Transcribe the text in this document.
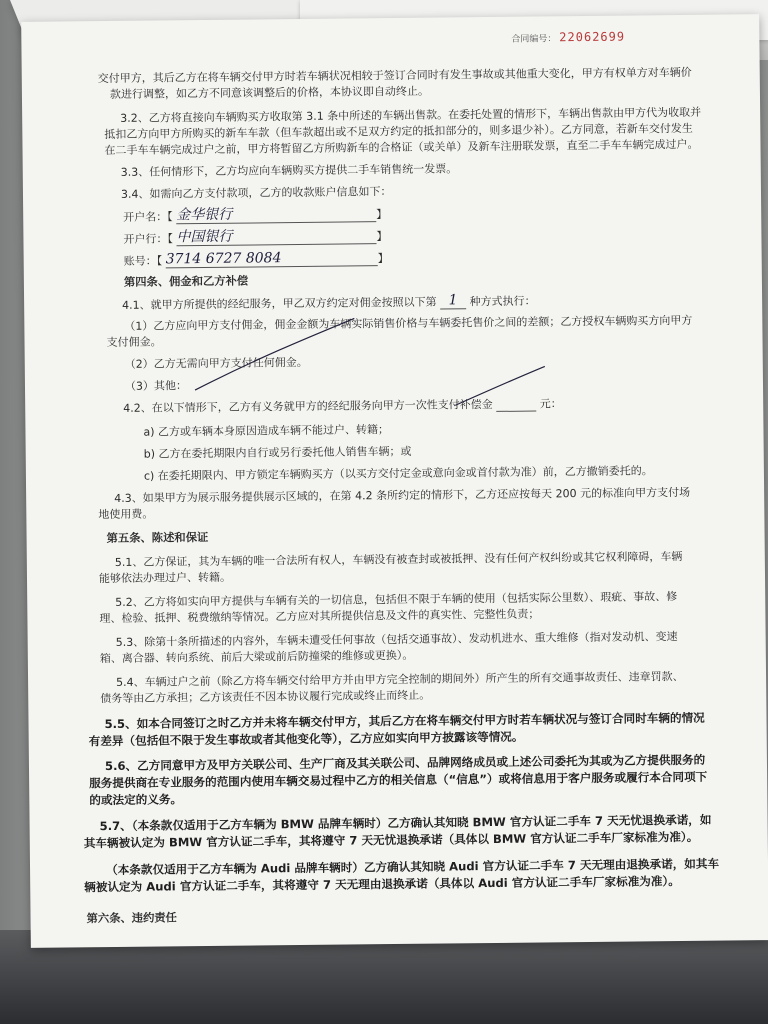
合同编号： 22062699
交付甲方，其后乙方在将车辆交付甲方时若车辆状况相较于签订合同时有发生事故或其他重大变化，甲方有权单方对车辆价
款进行调整，如乙方不同意该调整后的价格，本协议即自动终止。
3.2、乙方将直接向车辆购买方收取第 3.1 条中所述的车辆出售款。在委托处置的情形下，车辆出售款由甲方代为收取并
抵扣乙方向甲方所购买的新车车款（但车款超出或不足双方约定的抵扣部分的，则多退少补）。乙方同意，若新车交付发生
在二手车车辆完成过户之前，甲方将暂留乙方所购新车的合格证（或关单）及新车注册联发票，直至二手车车辆完成过户。
3.3、任何情形下，乙方均应向车辆购买方提供二手车销售统一发票。
3.4、如需向乙方支付款项，乙方的收款账户信息如下：
开户名：【 金华银行	】
开户行：【 中国银行	】
账号：【 3714 6727 8084	】
第四条、佣金和乙方补偿
4.1、就甲方所提供的经纪服务，甲乙双方约定对佣金按照以下第 1 种方式执行：
（1）乙方应向甲方支付佣金，佣金金额为车辆实际销售价格与车辆委托售价之间的差额；乙方授权车辆购买方向甲方
支付佣金。
（2）乙方无需向甲方支付任何佣金。
（3）其他：
4.2、在以下情形下，乙方有义务就甲方的经纪服务向甲方一次性支付补偿金	元：
a) 乙方或车辆本身原因造成车辆不能过户、转籍；
b) 乙方在委托期限内自行或另行委托他人销售车辆；或
c) 在委托期限内、甲方锁定车辆购买方（以买方交付定金或意向金或首付款为准）前，乙方撤销委托的。
4.3、如果甲方为展示服务提供展示区域的，在第 4.2 条所约定的情形下，乙方还应按每天 200 元的标准向甲方支付场
地使用费。
第五条、陈述和保证
5.1、乙方保证，其为车辆的唯一合法所有权人，车辆没有被查封或被抵押、没有任何产权纠纷或其它权利障碍，车辆
能够依法办理过户、转籍。
5.2、乙方将如实向甲方提供与车辆有关的一切信息，包括但不限于车辆的使用（包括实际公里数）、瑕疵、事故、修
理、检验、抵押、税费缴纳等情况。乙方应对其所提供信息及文件的真实性、完整性负责；
5.3、除第十条所描述的内容外，车辆未遭受任何事故（包括交通事故）、发动机进水、重大维修（指对发动机、变速
箱、离合器、转向系统、前后大梁或前后防撞梁的维修或更换）。
5.4、车辆过户之前（除乙方将车辆交付给甲方并由甲方完全控制的期间外）所产生的所有交通事故责任、违章罚款、
债务等由乙方承担；乙方该责任不因本协议履行完成或终止而终止。
5.5、如本合同签订之时乙方并未将车辆交付甲方，其后乙方在将车辆交付甲方时若车辆状况与签订合同时车辆的情况
有差异（包括但不限于发生事故或者其他变化等），乙方应如实向甲方披露该等情况。
5.6、乙方同意甲方及甲方关联公司、生产厂商及其关联公司、品牌网络成员或上述公司委托为其或为乙方提供服务的
服务提供商在专业服务的范围内使用车辆交易过程中乙方的相关信息（“信息”）或将信息用于客户服务或履行本合同项下
的或法定的义务。
5.7、（本条款仅适用于乙方车辆为 BMW 品牌车辆时）乙方确认其知晓 BMW 官方认证二手车 7 天无忧退换承诺，如
其车辆被认定为 BMW 官方认证二手车，其将遵守 7 天无忧退换承诺（具体以 BMW 官方认证二手车厂家标准为准）。
（本条款仅适用于乙方车辆为 Audi 品牌车辆时）乙方确认其知晓 Audi 官方认证二手车 7 天无理由退换承诺，如其车
辆被认定为 Audi 官方认证二手车，其将遵守 7 天无理由退换承诺（具体以 Audi 官方认证二手车厂家标准为准）。
第六条、违约责任
